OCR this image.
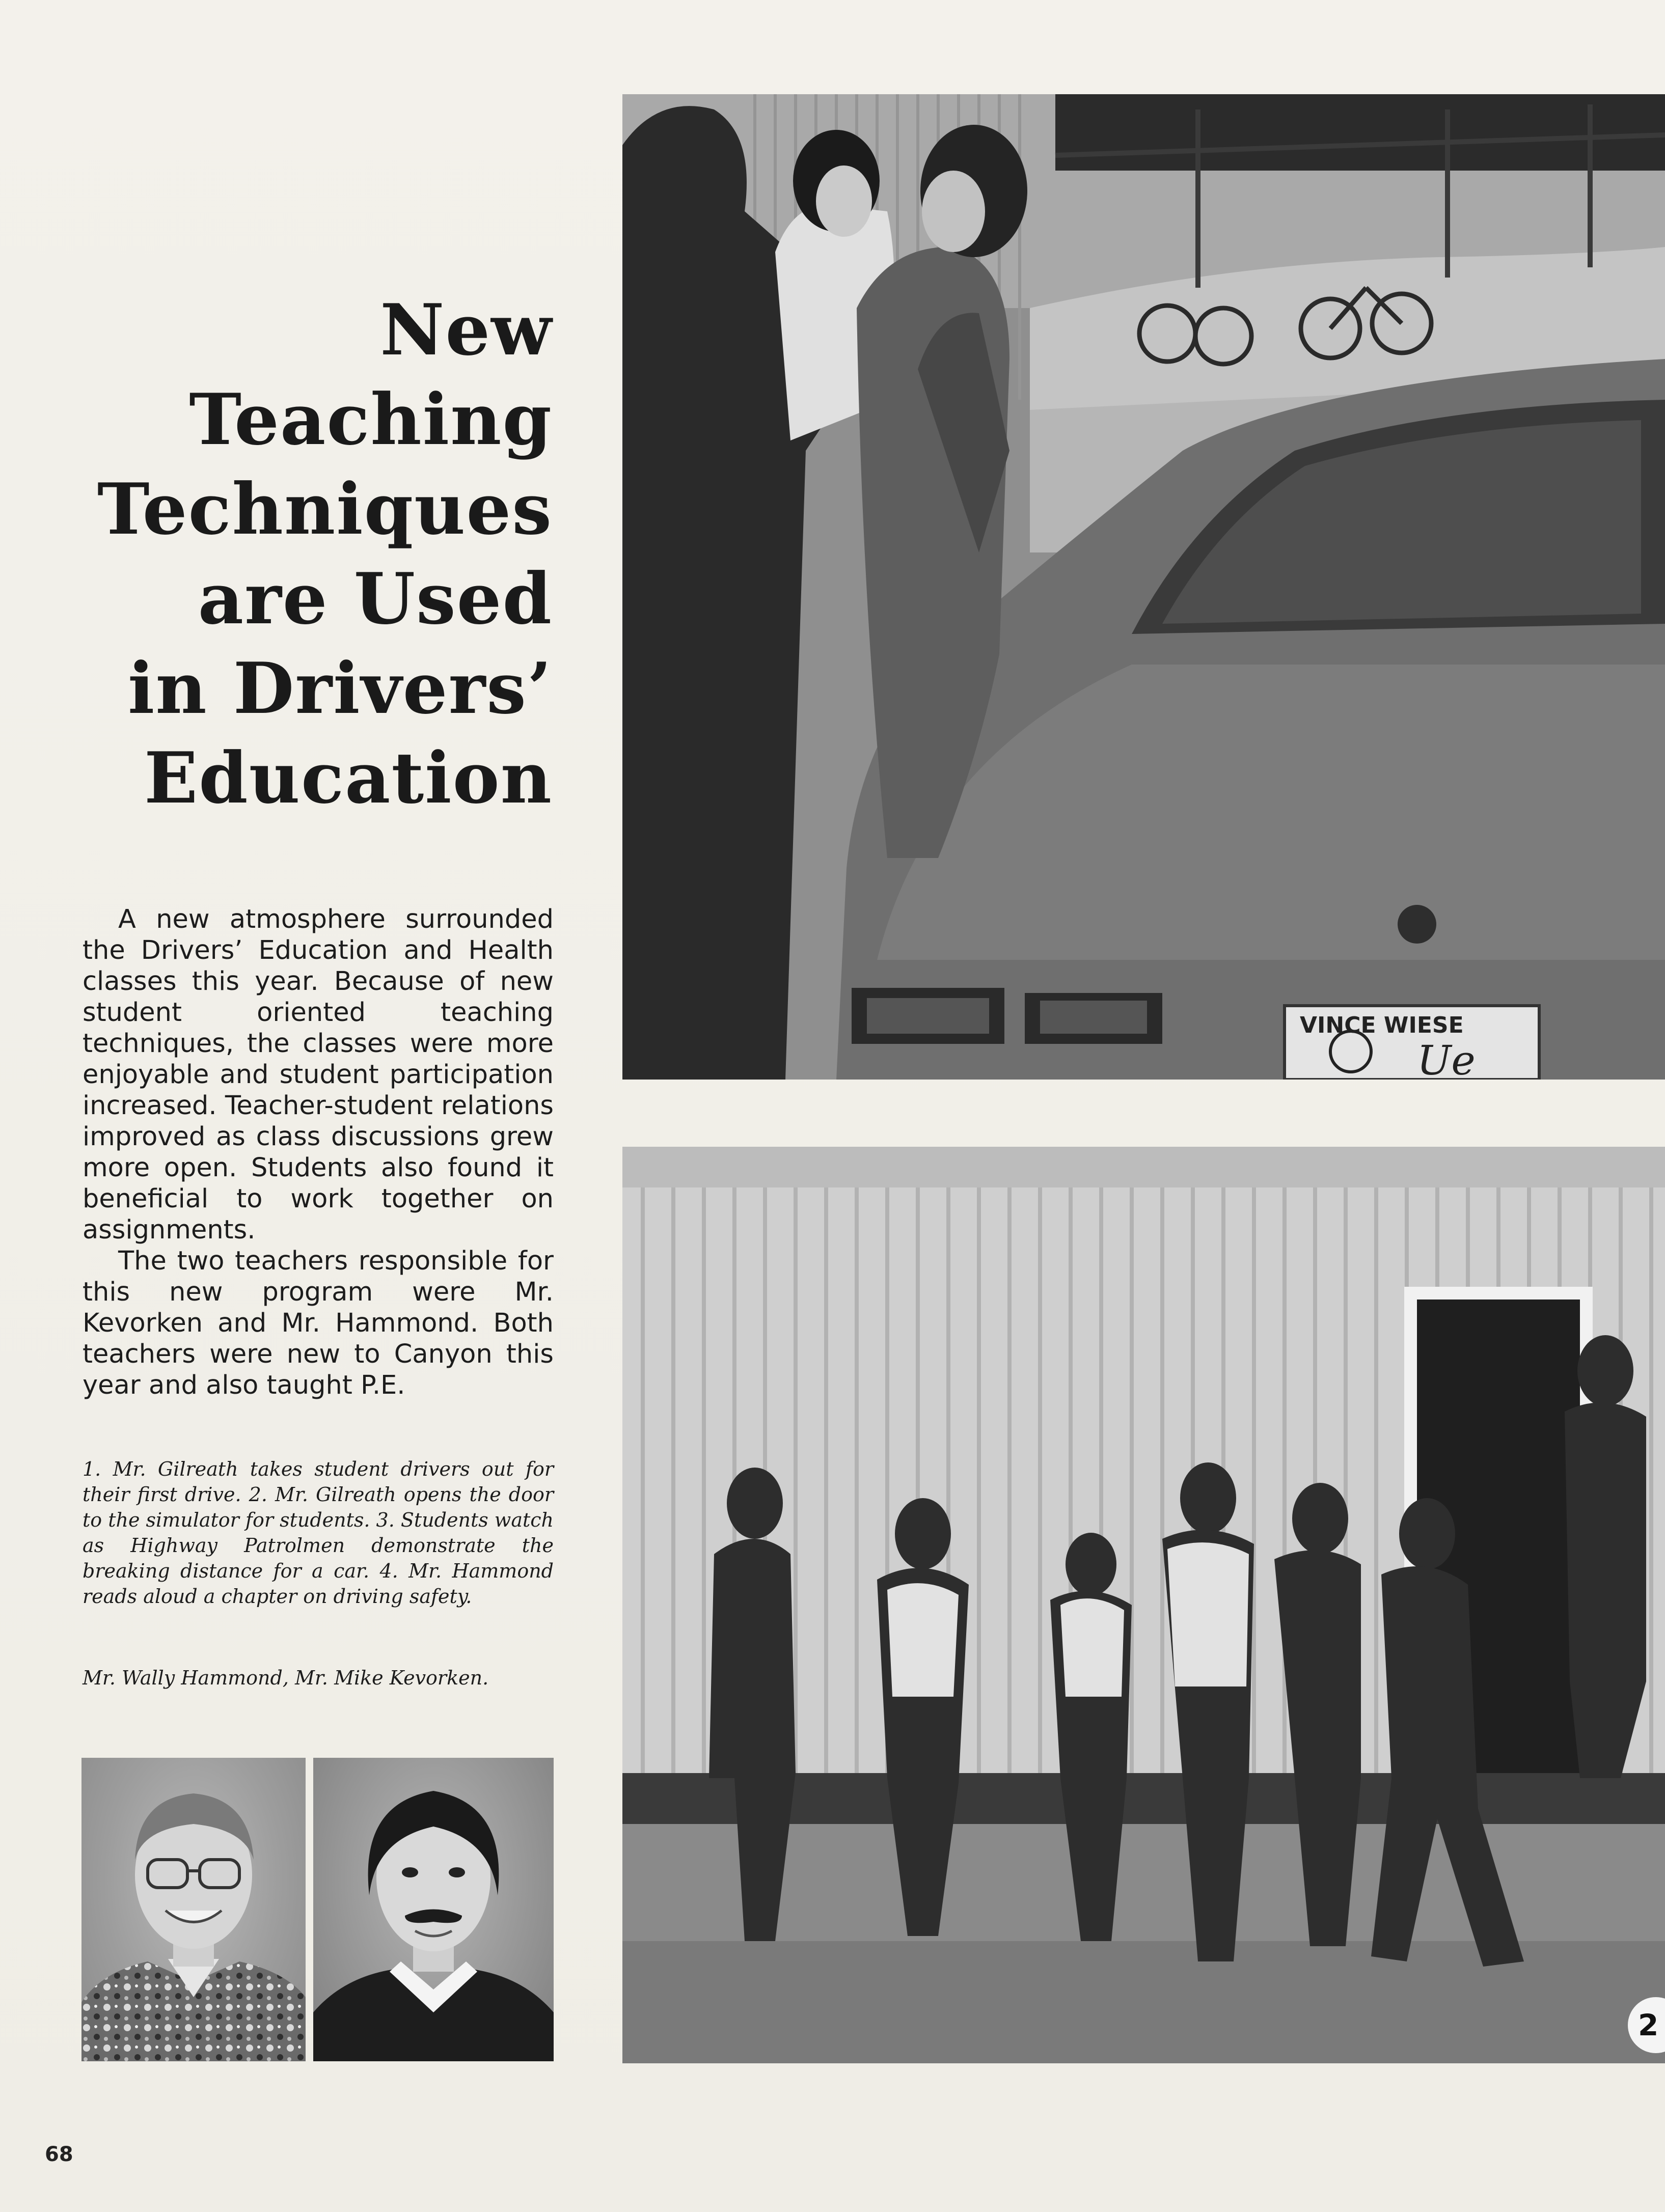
New
Teaching
Techniques
are Used
in Drivers’
Education

A new atmosphere surrounded the Drivers’ Education and Health classes this year. Because of new student oriented teaching techniques, the classes were more enjoyable and student participation increased. Teacher-student relations improved as class discussions grew more open. Students also found it beneficial to work together on assignments.

The two teachers responsible for this new program were Mr. Kevorken and Mr. Hammond. Both teachers were new to Canyon this year and also taught P.E.

1. Mr. Gilreath takes student drivers out for their first drive. 2. Mr. Gilreath opens the door to the simulator for students. 3. Students watch as Highway Patrolmen demonstrate the breaking distance for a car. 4. Mr. Hammond reads aloud a chapter on driving safety.
Mr. Wally Hammond, Mr. Mike Kevorken.
VINCE WIESE
Ue
2
68
